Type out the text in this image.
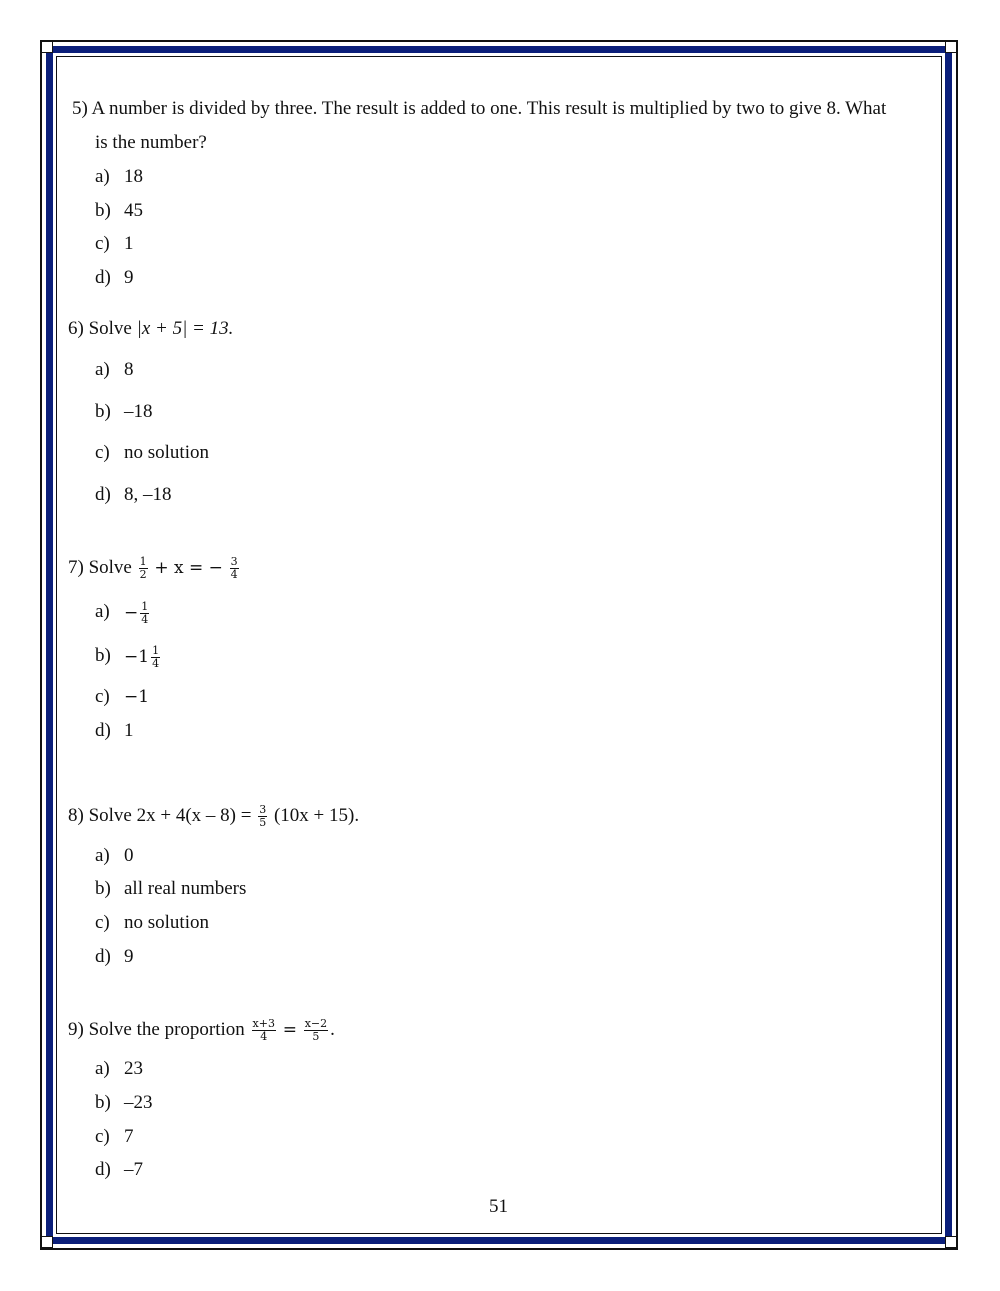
5) A number is divided by three. The result is added to one. This result is multiplied by two to give 8. What
is the number?
a) 18
b) 45
c) 1
d) 9
6) Solve |x + 5| = 13.
a) 8
b) –18
c) no solution
d) 8, –18
7) Solve $\frac{1}{2} + x$ = − $\frac{3}{4}$
$a) - \frac{1}{4}$
$b) -1 \frac{1}{4}$
c) −1
d) 1
8) Solve $2x + 4(x - 8) = \frac{3}{5} (10x + 15)$.
a) 0
b) all real numbers
c) no solution
d) 9
9) Solve the proportion $\frac{x+3}{4} = \frac{x-2}{5}$ .
a) 23
b) –23
c) 7
d) –7
51
